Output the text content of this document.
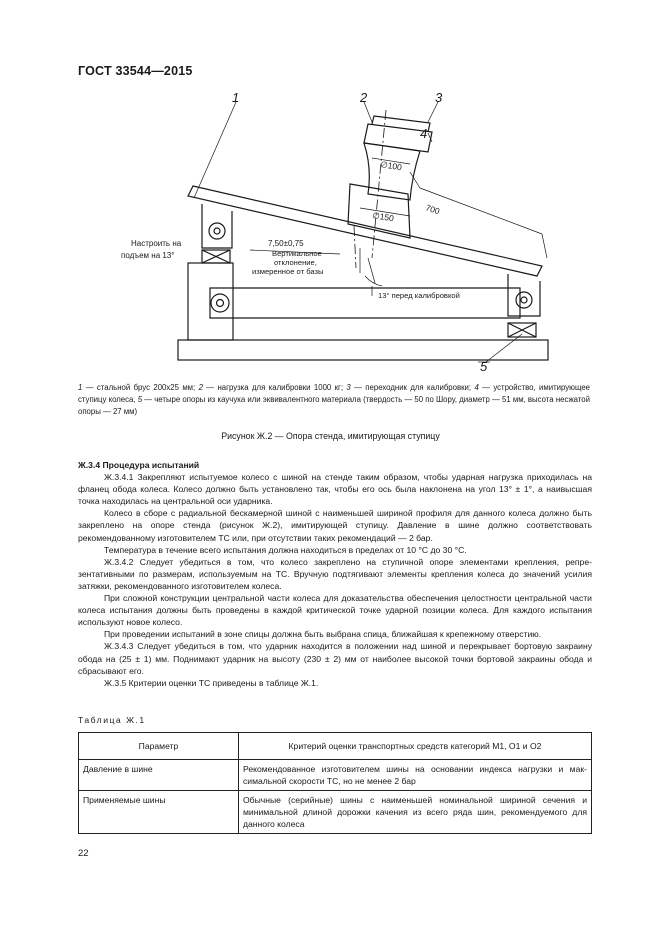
ГОСТ 33544—2015
1	2	3
4
5
∅100
∅150
700
Настроить на
подъем на 13°
7,50±0,75
Вертикальное
отклонение,
измеренное от базы
13° перед калибровкой
1 — стальной брус 200х25 мм; 2 — нагрузка для калибровки 1000 кг; 3 — переходник для калибровки; 4 — устройство, имитирующее ступицу колеса, 5 — четыре опоры из каучука или эквивалентного материала (твердость — 50 по Шору, диаметр — 51 мм, высота несжатой опоры — 27 мм)
Рисунок Ж.2 — Опора стенда, имитирующая ступицу

Ж.3.4 Процедура испытаний

Ж.3.4.1 Закрепляют испытуемое колесо с шиной на стенде таким образом, чтобы ударная нагрузка приходилась на фланец обода колеса. Колесо должно быть установлено так, чтобы его ось была наклонена на угол 13° ± 1°, а наивысшая точка находилась на центральной оси ударника.

Колесо в сборе с радиальной бескамерной шиной с наименьшей шириной профиля для данного колеса должно быть закреплено на опоре стенда (рисунок Ж.2), имитирующей ступицу. Давление в шине должно соответствовать рекомендованному изготовителем ТС или, при отсутствии таких рекомендаций — 2 бар.

Температура в течение всего испытания должна находиться в пределах от 10 °С до 30 °С.

Ж.3.4.2 Следует убедиться в том, что колесо закреплено на ступичной опоре элементами крепления, репрезентативными по размерам, используемым на ТС. Вручную подтягивают элементы крепления колеса до значений усилия затяжки, рекомендованного изготовителем колеса.

При сложной конструкции центральной части колеса для доказательства обеспечения целостности центральной части колеса испытания должны быть проведены в каждой критической точке ударной позиции колеса. Для каждого испытания используют новое колесо.

При проведении испытаний в зоне спицы должна быть выбрана спица, ближайшая к крепежному отверстию.

Ж.3.4.3 Следует убедиться в том, что ударник находится в положении над шиной и перекрывает бортовую закраину обода на (25 ± 1) мм. Поднимают ударник на высоту (230 ± 2) мм от наиболее высокой точки бортовой закраины обода и сбрасывают его.

Ж.3.5 Критерии оценки ТС приведены в таблице Ж.1.

Таблица Ж.1
Параметр	Критерий оценки транспортных средств категорий М1, О1 и О2
Давление в шине	Рекомендованное изготовителем шины на основании индекса нагрузки и максимальной скорости ТС, но не менее 2 бар
Применяемые шины	Обычные (серийные) шины с наименьшей номинальной шириной сечения и минимальной длиной дорожки качения из всего ряда шин, рекомендуемого для данного колеса
22
